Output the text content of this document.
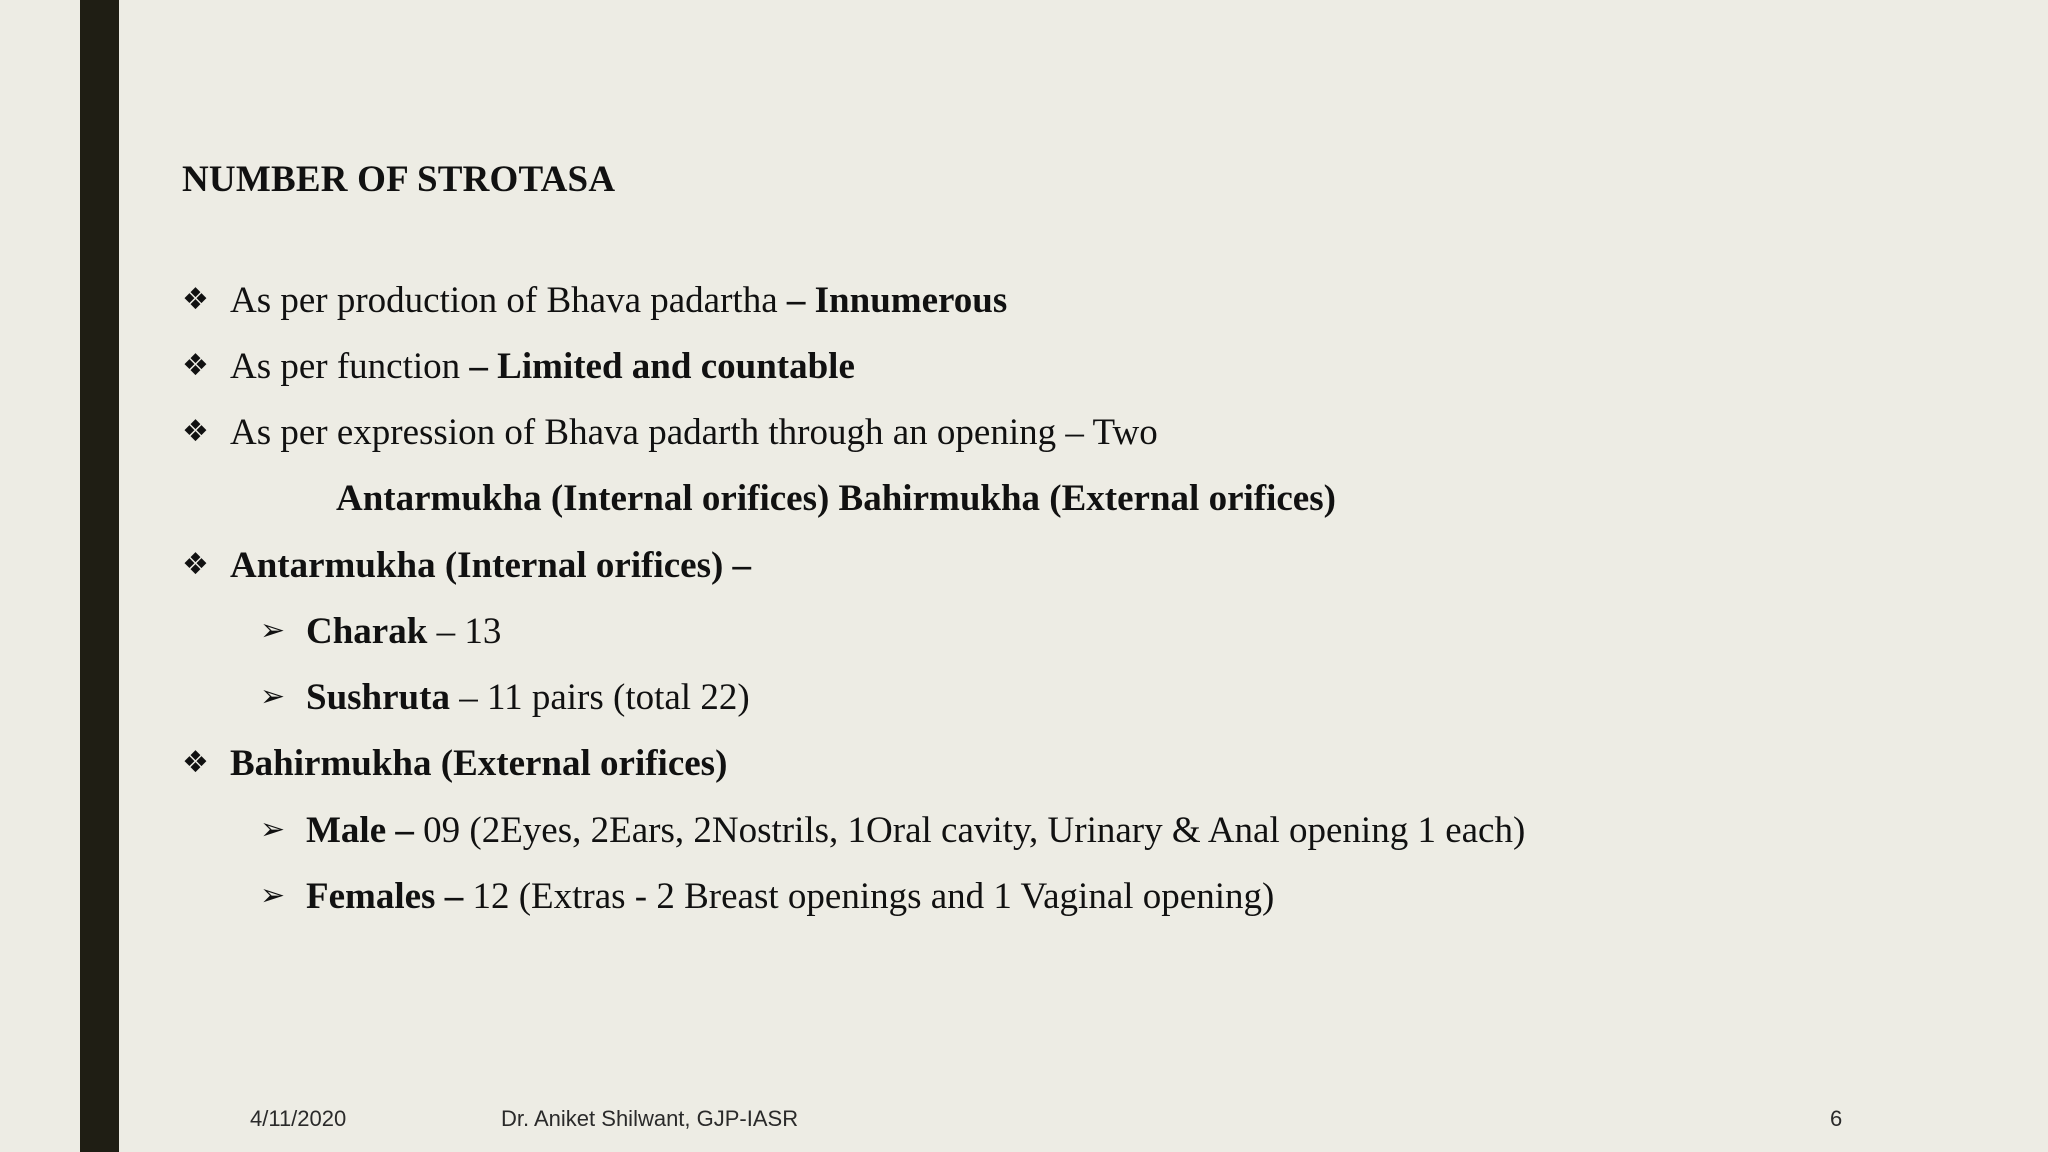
NUMBER OF STROTASA
❖ As per production of Bhava padartha – Innumerous
❖ As per function – Limited and countable
❖ As per expression of Bhava padarth through an opening – Two
Antarmukha (Internal orifices) Bahirmukha (External orifices)
❖ Antarmukha (Internal orifices) –
➢ Charak – 13
➢ Sushruta – 11 pairs (total 22)
❖ Bahirmukha (External orifices)
➢ Male – 09 (2Eyes, 2Ears, 2Nostrils, 1Oral cavity, Urinary & Anal opening 1 each)
➢ Females – 12 (Extras - 2 Breast openings and 1 Vaginal opening)
4/11/2020	Dr. Aniket Shilwant, GJP-IASR	6
